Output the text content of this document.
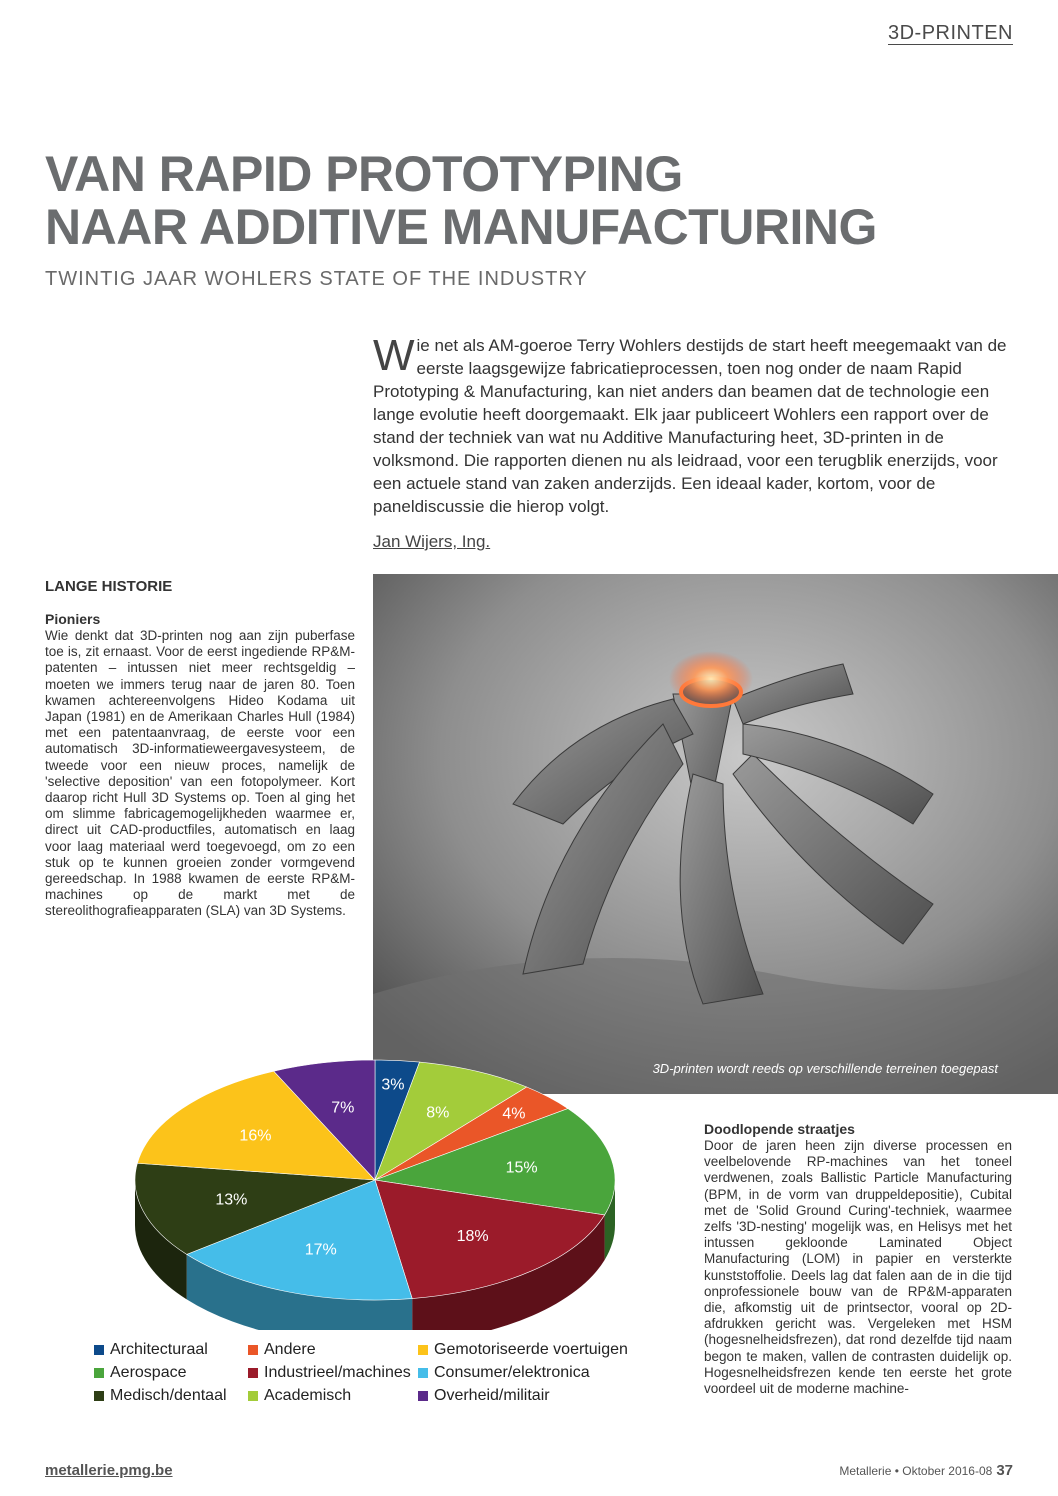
3D-PRINTEN
VAN RAPID PROTOTYPING
NAAR ADDITIVE MANUFACTURING

TWINTIG JAAR WOHLERS STATE OF THE INDUSTRY

Wie net als AM-goeroe Terry Wohlers destijds de start heeft meegemaakt van de eerste laagsgewijze fabricatieprocessen, toen nog onder de naam Rapid Prototyping & Manufacturing, kan niet anders dan beamen dat de technologie een lange evolutie heeft doorgemaakt. Elk jaar publiceert Wohlers een rapport over de stand der techniek van wat nu Additive Manufacturing heet, 3D-printen in de volksmond. Die rapporten dienen nu als leidraad, voor een terugblik enerzijds, voor een actuele stand van zaken anderzijds. Een ideaal kader, kortom, voor de paneldiscussie die hierop volgt.

Jan Wijers, Ing.
LANGE HISTORIE
Pioniers

Wie denkt dat 3D-printen nog aan zijn puberfase toe is, zit ernaast. Voor de eerst ingediende RP&M-patenten – intussen niet meer rechtsgeldig – moeten we immers terug naar de jaren 80. Toen kwamen achtereenvolgens Hideo Kodama uit Japan (1981) en de Amerikaan Charles Hull (1984) met een patentaanvraag, de eerste voor een automatisch 3D-informatieweergavesysteem, de tweede voor een nieuw proces, namelijk de 'selective deposition' van een fotopolymeer. Kort daarop richt Hull 3D Systems op. Toen al ging het om slimme fabricagemogelijkheden waarmee er, direct uit CAD-productfiles, automatisch en laag voor laag materiaal werd toegevoegd, om zo een stuk op te kunnen groeien zonder vormgevend gereedschap. In 1988 kwamen de eerste RP&M-machines op de markt met de stereolithografieapparaten (SLA) van 3D Systems.

3D-printen wordt reeds op verschillende terreinen toegepast
3%
8%	4%
15%
18%
17%
13%
16%
7%
Architecturaal	Andere	Gemotoriseerde voertuigen
Aerospace	Industrieel/machines Consumer/elektronica
Medisch/dentaal Academisch	Overheid/militair
Doodlopende straatjes

Door de jaren heen zijn diverse processen en veelbelovende RP-machines van het toneel verdwenen, zoals Ballistic Particle Manufacturing (BPM, in de vorm van druppeldepositie), Cubital met de 'Solid Ground Curing'-techniek, waarmee zelfs '3D-nesting' mogelijk was, en Helisys met het intussen gekloonde Laminated Object Manufacturing (LOM) in papier en versterkte kunststoffolie. Deels lag dat falen aan de in die tijd onprofessionele bouw van de RP&M-apparaten die, afkomstig uit de printsector, vooral op 2D-afdrukken gericht was. Vergeleken met HSM (hogesnelheidsfrezen), dat rond dezelfde tijd naam begon te maken, vallen de contrasten duidelijk op. Hogesnelheidsfrezen kende ten eerste het grote voordeel uit de moderne machine-

metallerie.pmg.be	Metallerie • Oktober 2016-08 37
